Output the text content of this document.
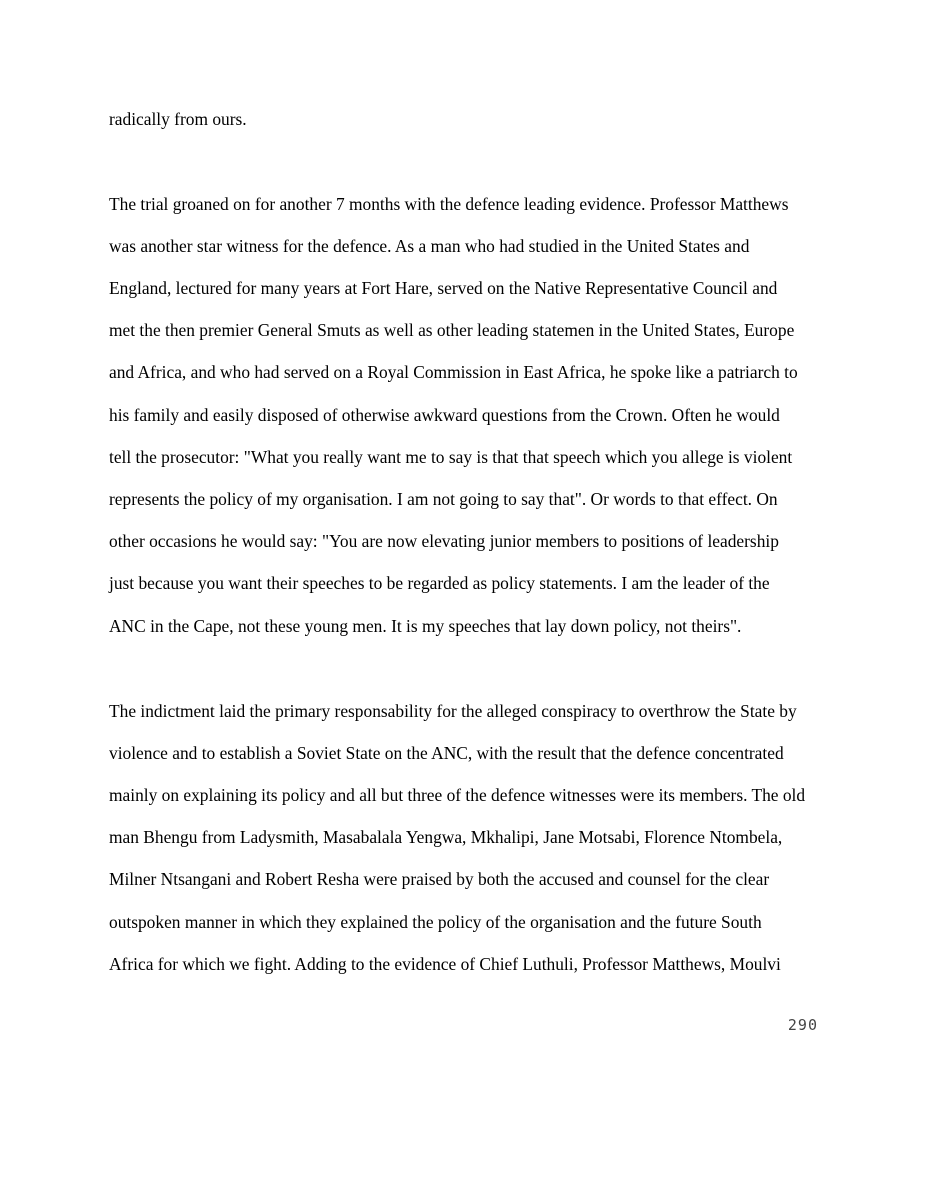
radically from ours.
The trial groaned on for another 7 months with the defence leading evidence. Professor Matthews
was another star witness for the defence. As a man who had studied in the United States and
England, lectured for many years at Fort Hare, served on the Native Representative Council and
met the then premier General Smuts as well as other leading statemen in the United States, Europe
and Africa, and who had served on a Royal Commission in East Africa, he spoke like a patriarch to
his family and easily disposed of otherwise awkward questions from the Crown. Often he would
tell the prosecutor: "What you really want me to say is that that speech which you allege is violent
represents the policy of my organisation. I am not going to say that". Or words to that effect. On
other occasions he would say: "You are now elevating junior members to positions of leadership
just because you want their speeches to be regarded as policy statements. I am the leader of the
ANC in the Cape, not these young men. It is my speeches that lay down policy, not theirs".
The indictment laid the primary responsability for the alleged conspiracy to overthrow the State by
violence and to establish a Soviet State on the ANC, with the result that the defence concentrated
mainly on explaining its policy and all but three of the defence witnesses were its members. The old
man Bhengu from Ladysmith, Masabalala Yengwa, Mkhalipi, Jane Motsabi, Florence Ntombela,
Milner Ntsangani and Robert Resha were praised by both the accused and counsel for the clear
outspoken manner in which they explained the policy of the organisation and the future South
Africa for which we fight. Adding to the evidence of Chief Luthuli, Professor Matthews, Moulvi
290
